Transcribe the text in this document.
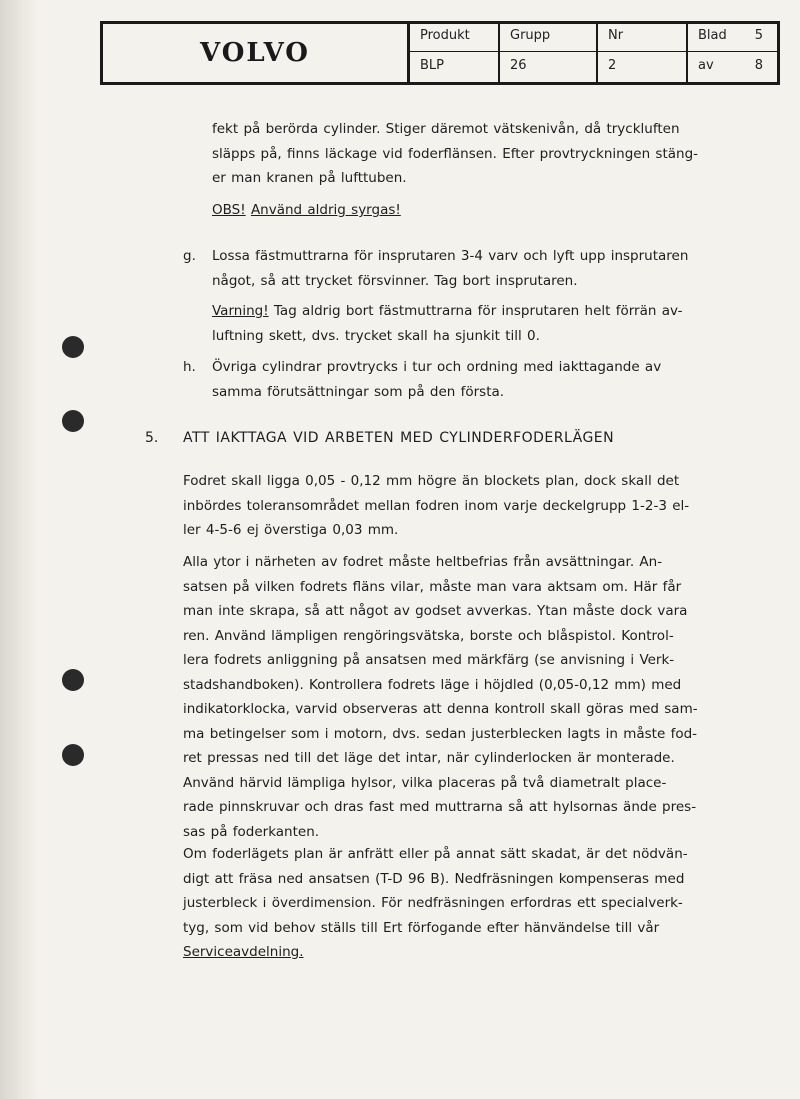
VOLVO
Produkt
BLP
Grupp
26
Nr
2
Blad 5
av	8
fekt på berörda cylinder. Stiger däremot vätskenivån, då tryckluften
släpps på, finns läckage vid foderflänsen. Efter provtryckningen stäng-
er man kranen på lufttuben.
OBS! Använd aldrig syrgas!
g. Lossa fästmuttrarna för insprutaren 3-4 varv och lyft upp insprutaren
något, så att trycket försvinner. Tag bort insprutaren.
Varning! Tag aldrig bort fästmuttrarna för insprutaren helt förrän av-
luftning skett, dvs. trycket skall ha sjunkit till 0.
h. Övriga cylindrar provtrycks i tur och ordning med iakttagande av
samma förutsättningar som på den första.
5. ATT IAKTTAGA VID ARBETEN MED CYLINDERFODERLÄGEN
Fodret skall ligga 0,05 - 0,12 mm högre än blockets plan, dock skall det
inbördes toleransområdet mellan fodren inom varje deckelgrupp 1-2-3 el-
ler 4-5-6 ej överstiga 0,03 mm.
Alla ytor i närheten av fodret måste heltbefrias från avsättningar. An-
satsen på vilken fodrets fläns vilar, måste man vara aktsam om. Här får
man inte skrapa, så att något av godset avverkas. Ytan måste dock vara
ren. Använd lämpligen rengöringsvätska, borste och blåspistol. Kontrol-
lera fodrets anliggning på ansatsen med märkfärg (se anvisning i Verk-
stadshandboken). Kontrollera fodrets läge i höjdled (0,05-0,12 mm) med
indikatorklocka, varvid observeras att denna kontroll skall göras med sam-
ma betingelser som i motorn, dvs. sedan justerblecken lagts in måste fod-
ret pressas ned till det läge det intar, när cylinderlocken är monterade.
Använd härvid lämpliga hylsor, vilka placeras på två diametralt place-
rade pinnskruvar och dras fast med muttrarna så att hylsornas ände pres-
sas på foderkanten.
Om foderlägets plan är anfrätt eller på annat sätt skadat, är det nödvän-
digt att fräsa ned ansatsen (T-D 96 B). Nedfräsningen kompenseras med
justerbleck i överdimension. För nedfräsningen erfordras ett specialverk-
tyg, som vid behov ställs till Ert förfogande efter hänvändelse till vår
Serviceavdelning.
